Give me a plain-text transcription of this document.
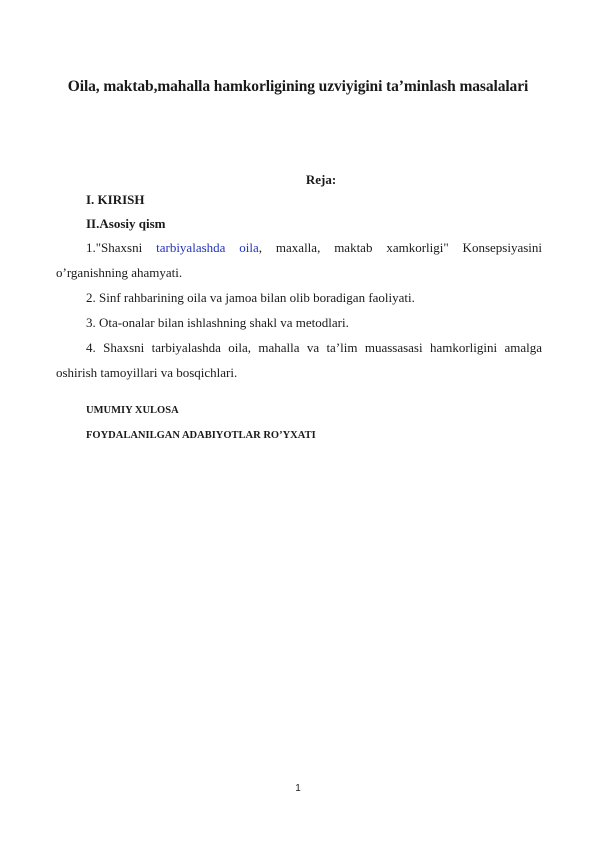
Oila, maktab,mahalla hamkorligining uzviyigini ta’minlash masalalari
Reja:
I. KIRISH
II.Asosiy qism
1."Shaxsni tarbiyalashda oila, maxalla, maktab xamkorligi" Konsepsiyasini
o’rganishning ahamyati.
2. Sinf rahbarining oila va jamoa bilan olib boradigan faoliyati.
3. Ota-onalar bilan ishlashning shakl va metodlari.
4. Shaxsni tarbiyalashda oila, mahalla va ta’lim muassasasi hamkorligini amalga
oshirish tamoyillari va bosqichlari.
UMUMIY XULOSA
FOYDALANILGAN ADABIYOTLAR RO’YXATI
1
